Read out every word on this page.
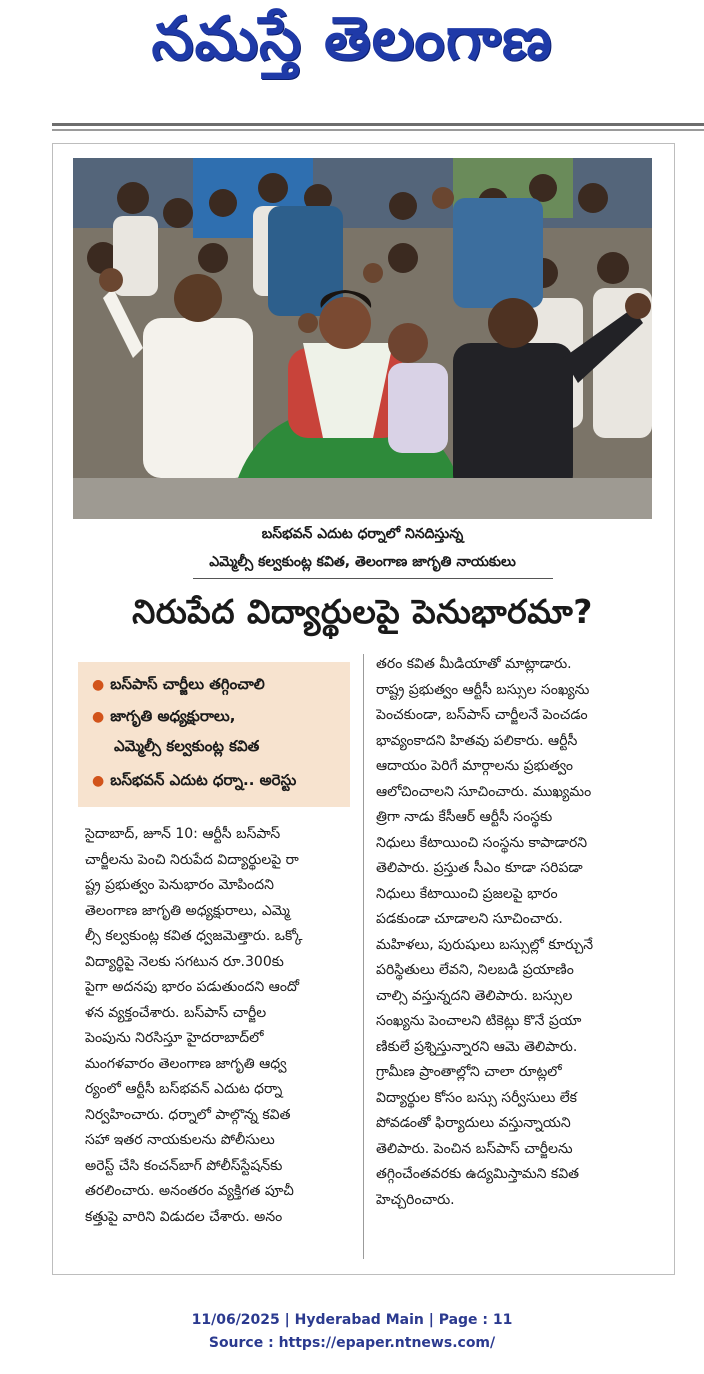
నమస్తే తెలంగాణ
బస్‌భవన్‌ ఎదుట ధర్నాలో నినదిస్తున్న
ఎమ్మెల్సీ కల్వకుంట్ల కవిత, తెలంగాణ జాగృతి నాయకులు
నిరుపేద విద్యార్థులపై పెనుభారమా?
● బస్‌పాస్‌ చార్జీలు తగ్గించాలి
● జాగృతి అధ్యక్షురాలు,
ఎమ్మెల్సీ కల్వకుంట్ల కవిత
● బస్‌భవన్‌ ఎదుట ధర్నా.. అరెస్టు
సైదాబాద్‌, జూన్‌ 10: ఆర్టీసీ బస్‌పాస్‌
చార్జీలను పెంచి నిరుపేద విద్యార్థులపై రా
ష్ట్ర ప్రభుత్వం పెనుభారం మోపిందని
తెలంగాణ జాగృతి అధ్యక్షురాలు, ఎమ్మె
ల్సీ కల్వకుంట్ల కవిత ధ్వజమెత్తారు. ఒక్కో
విద్యార్థిపై నెలకు సగటున రూ.300కు
పైగా అదనపు భారం పడుతుందని ఆందో
ళన వ్యక్తంచేశారు. బస్‌పాస్‌ చార్జీల
పెంపును నిరసిస్తూ హైదరాబాద్‌లో
మంగళవారం తెలంగాణ జాగృతి ఆధ్వ
ర్యంలో ఆర్టీసీ బస్‌భవన్‌ ఎదుట ధర్నా
నిర్వహించారు. ధర్నాలో పాల్గొన్న కవిత
సహా ఇతర నాయకులను పోలీసులు
అరెస్ట్‌ చేసి కంచన్‌బాగ్‌ పోలీస్‌స్టేషన్‌కు
తరలించారు. అనంతరం వ్యక్తిగత పూచీ
కత్తుపై వారిని విడుదల చేశారు. అనం
తరం కవిత మీడియాతో మాట్లాడారు.
రాష్ట్ర ప్రభుత్వం ఆర్టీసీ బస్సుల సంఖ్యను
పెంచకుండా, బస్‌పాస్‌ చార్జీలనే పెంచడం
భావ్యంకాదని హితవు పలికారు. ఆర్టీసీ
ఆదాయం పెరిగే మార్గాలను ప్రభుత్వం
ఆలోచించాలని సూచించారు. ముఖ్యమం
త్రిగా నాడు కేసీఆర్‌ ఆర్టీసీ సంస్థకు
నిధులు కేటాయించి సంస్థను కాపాడారని
తెలిపారు. ప్రస్తుత సీఎం కూడా సరిపడా
నిధులు కేటాయించి ప్రజలపై భారం
పడకుండా చూడాలని సూచించారు.
మహిళలు, పురుషులు బస్సుల్లో కూర్చునే
పరిస్థితులు లేవని, నిలబడి ప్రయాణిం
చాల్సి వస్తున్నదని తెలిపారు. బస్సుల
సంఖ్యను పెంచాలని టికెట్లు కొనే ప్రయా
ణికులే ప్రశ్నిస్తున్నారని ఆమె తెలిపారు.
గ్రామీణ ప్రాంతాల్లోని చాలా రూట్లలో
విద్యార్థుల కోసం బస్సు సర్వీసులు లేక
పోవడంతో ఫిర్యాదులు వస్తున్నాయని
తెలిపారు. పెంచిన బస్‌పాస్‌ చార్జీలను
తగ్గించేంతవరకు ఉద్యమిస్తామని కవిత
హెచ్చరించారు.
11/06/2025 | Hyderabad Main | Page : 11
Source : https://epaper.ntnews.com/
